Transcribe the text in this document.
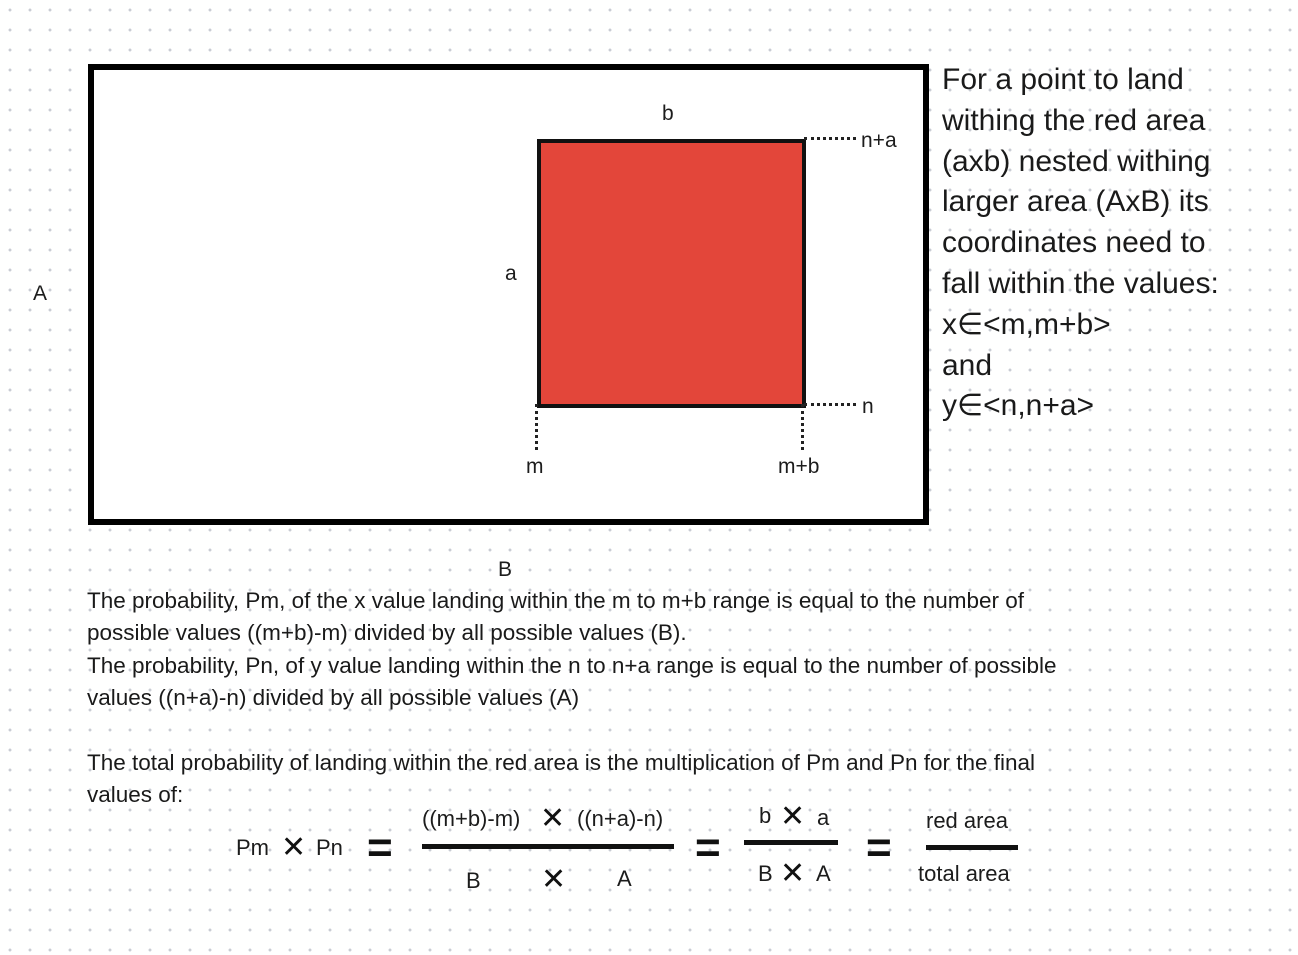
A
B
a
b
m	m+b
n
n+a
For a point to land
withing the red area
(axb) nested withing
larger area (AxB) its
coordinates need to
fall within the values:
x∈<m,m+b>
and
y∈<n,n+a>
The probability, Pm, of the x value landing within the m to m+b range is equal to the number of
possible values ((m+b)-m) divided by all possible values (B).
The probability, Pn, of y value landing within the n to n+a range is equal to the number of possible
values ((n+a)-n) divided by all possible values (A)
The total probability of landing within the red area is the multiplication of Pm and Pn for the final
values of:
Pm ✕ Pn =
((m+b)-m) ✕ ((n+a)-n)
B ✕ A
=
b ✕ a
B ✕ A
=
red area
total area
